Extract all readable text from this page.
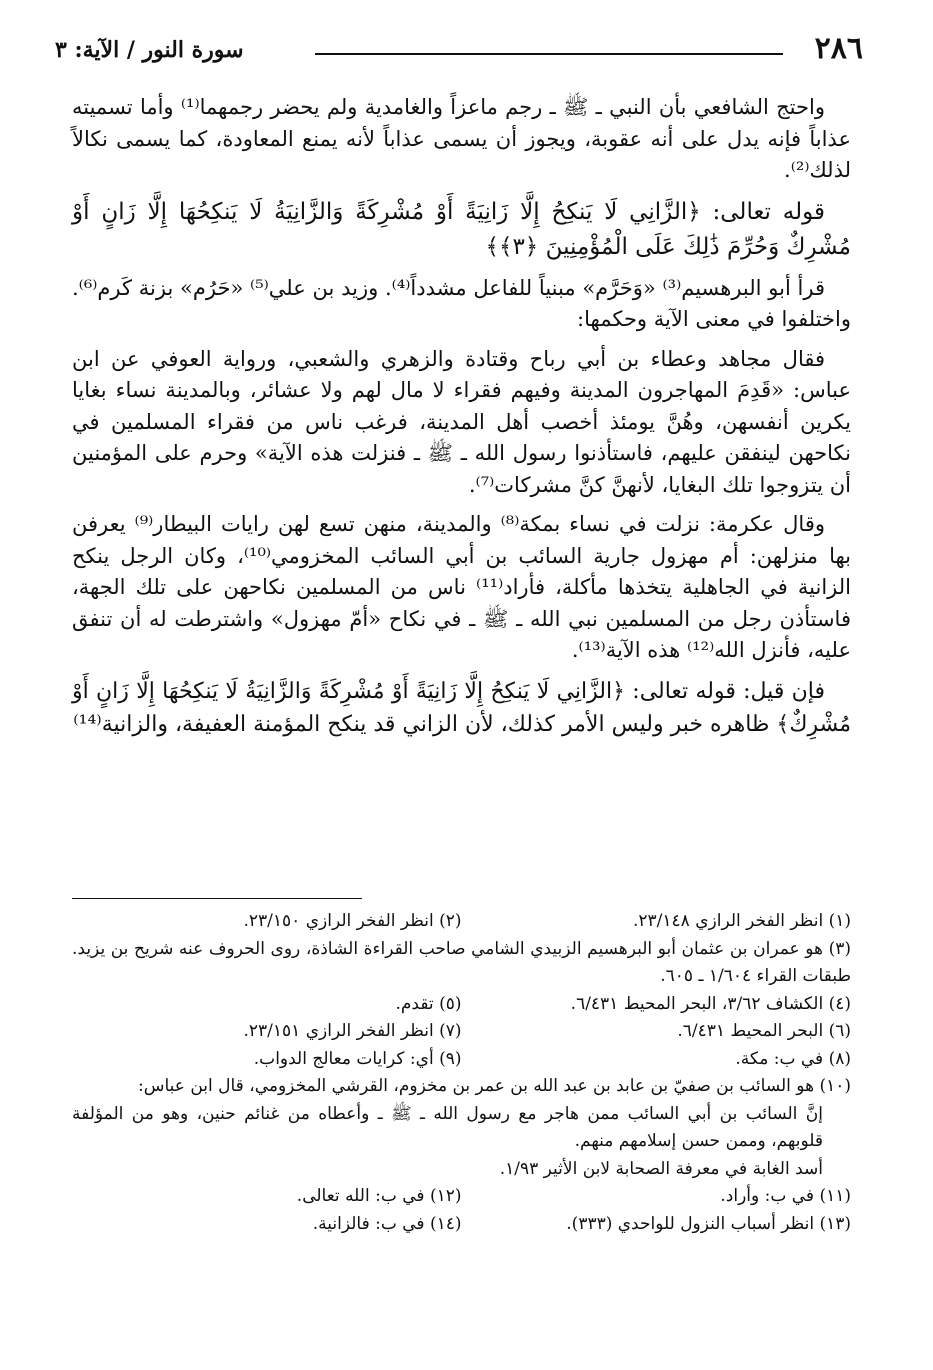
٢٨٦
سورة النور / الآية: ٣

واحتج الشافعي بأن النبي ـ ﷺ ـ رجم ماعزاً والغامدية ولم يحضر رجمهما⁽¹⁾ وأما تسميته عذاباً فإنه يدل على أنه عقوبة، ويجوز أن يسمى عذاباً لأنه يمنع المعاودة، كما يسمى نكالاً لذلك⁽²⁾.

قوله تعالى: ﴿الزَّانِي لَا يَنكِحُ إِلَّا زَانِيَةً أَوْ مُشْرِكَةً وَالزَّانِيَةُ لَا يَنكِحُهَا إِلَّا زَانٍ أَوْ مُشْرِكٌ وَحُرِّمَ ذَٰلِكَ عَلَى الْمُؤْمِنِينَ ﴿٣﴾﴾

قرأ أبو البرهسيم⁽³⁾ «وَحَرَّم» مبنياً للفاعل مشدداً⁽⁴⁾. وزيد بن علي⁽⁵⁾ «حَرُم» بزنة كَرم⁽⁶⁾. واختلفوا في معنى الآية وحكمها:

فقال مجاهد وعطاء بن أبي رباح وقتادة والزهري والشعبي، ورواية العوفي عن ابن عباس: «قَدِمَ المهاجرون المدينة وفيهم فقراء لا مال لهم ولا عشائر، وبالمدينة نساء بغايا يكرين أنفسهن، وهُنَّ يومئذ أخصب أهل المدينة، فرغب ناس من فقراء المسلمين في نكاحهن لينفقن عليهم، فاستأذنوا رسول الله ـ ﷺ ـ فنزلت هذه الآية» وحرم على المؤمنين أن يتزوجوا تلك البغايا، لأنهنَّ كنَّ مشركات⁽⁷⁾.

وقال عكرمة: نزلت في نساء بمكة⁽⁸⁾ والمدينة، منهن تسع لهن رايات البيطار⁽⁹⁾ يعرفن بها منزلهن: أم مهزول جارية السائب بن أبي السائب المخزومي⁽¹⁰⁾، وكان الرجل ينكح الزانية في الجاهلية يتخذها مأكلة، فأراد⁽¹¹⁾ ناس من المسلمين نكاحهن على تلك الجهة، فاستأذن رجل من المسلمين نبي الله ـ ﷺ ـ في نكاح «أمّ مهزول» واشترطت له أن تنفق عليه، فأنزل الله⁽¹²⁾ هذه الآية⁽¹³⁾.

فإن قيل: قوله تعالى: ﴿الزَّانِي لَا يَنكِحُ إِلَّا زَانِيَةً أَوْ مُشْرِكَةً وَالزَّانِيَةُ لَا يَنكِحُهَا إِلَّا زَانٍ أَوْ مُشْرِكٌ﴾ ظاهره خبر وليس الأمر كذلك، لأن الزاني قد ينكح المؤمنة العفيفة، والزانية⁽¹⁴⁾

(١) انظر الفخر الرازي ٢٣/١٤٨.
(٢) انظر الفخر الرازي ٢٣/١٥٠.
(٣) هو عمران بن عثمان أبو البرهسيم الزبيدي الشامي صاحب القراءة الشاذة، روى الحروف عنه شريح بن يزيد. طبقات القراء ١/٦٠٤ ـ ٦٠٥.
(٤) الكشاف ٣/٦٢، البحر المحيط ٦/٤٣١.
(٥) تقدم.
(٦) البحر المحيط ٦/٤٣١.
(٧) انظر الفخر الرازي ٢٣/١٥١.
(٨) في ب: مكة.
(٩) أي: كرايات معالج الدواب.
(١٠) هو السائب بن صفيّ بن عابد بن عبد الله بن عمر بن مخزوم، القرشي المخزومي، قال ابن عباس:
إنَّ السائب بن أبي السائب ممن هاجر مع رسول الله ـ ﷺ ـ وأعطاه من غنائم حنين، وهو من المؤلفة قلوبهم، وممن حسن إسلامهم منهم.
أسد الغابة في معرفة الصحابة لابن الأثير ١/٩٣.
(١١) في ب: وأراد.
(١٢) في ب: الله تعالى.
(١٣) انظر أسباب النزول للواحدي (٣٣٣).
(١٤) في ب: فالزانية.
